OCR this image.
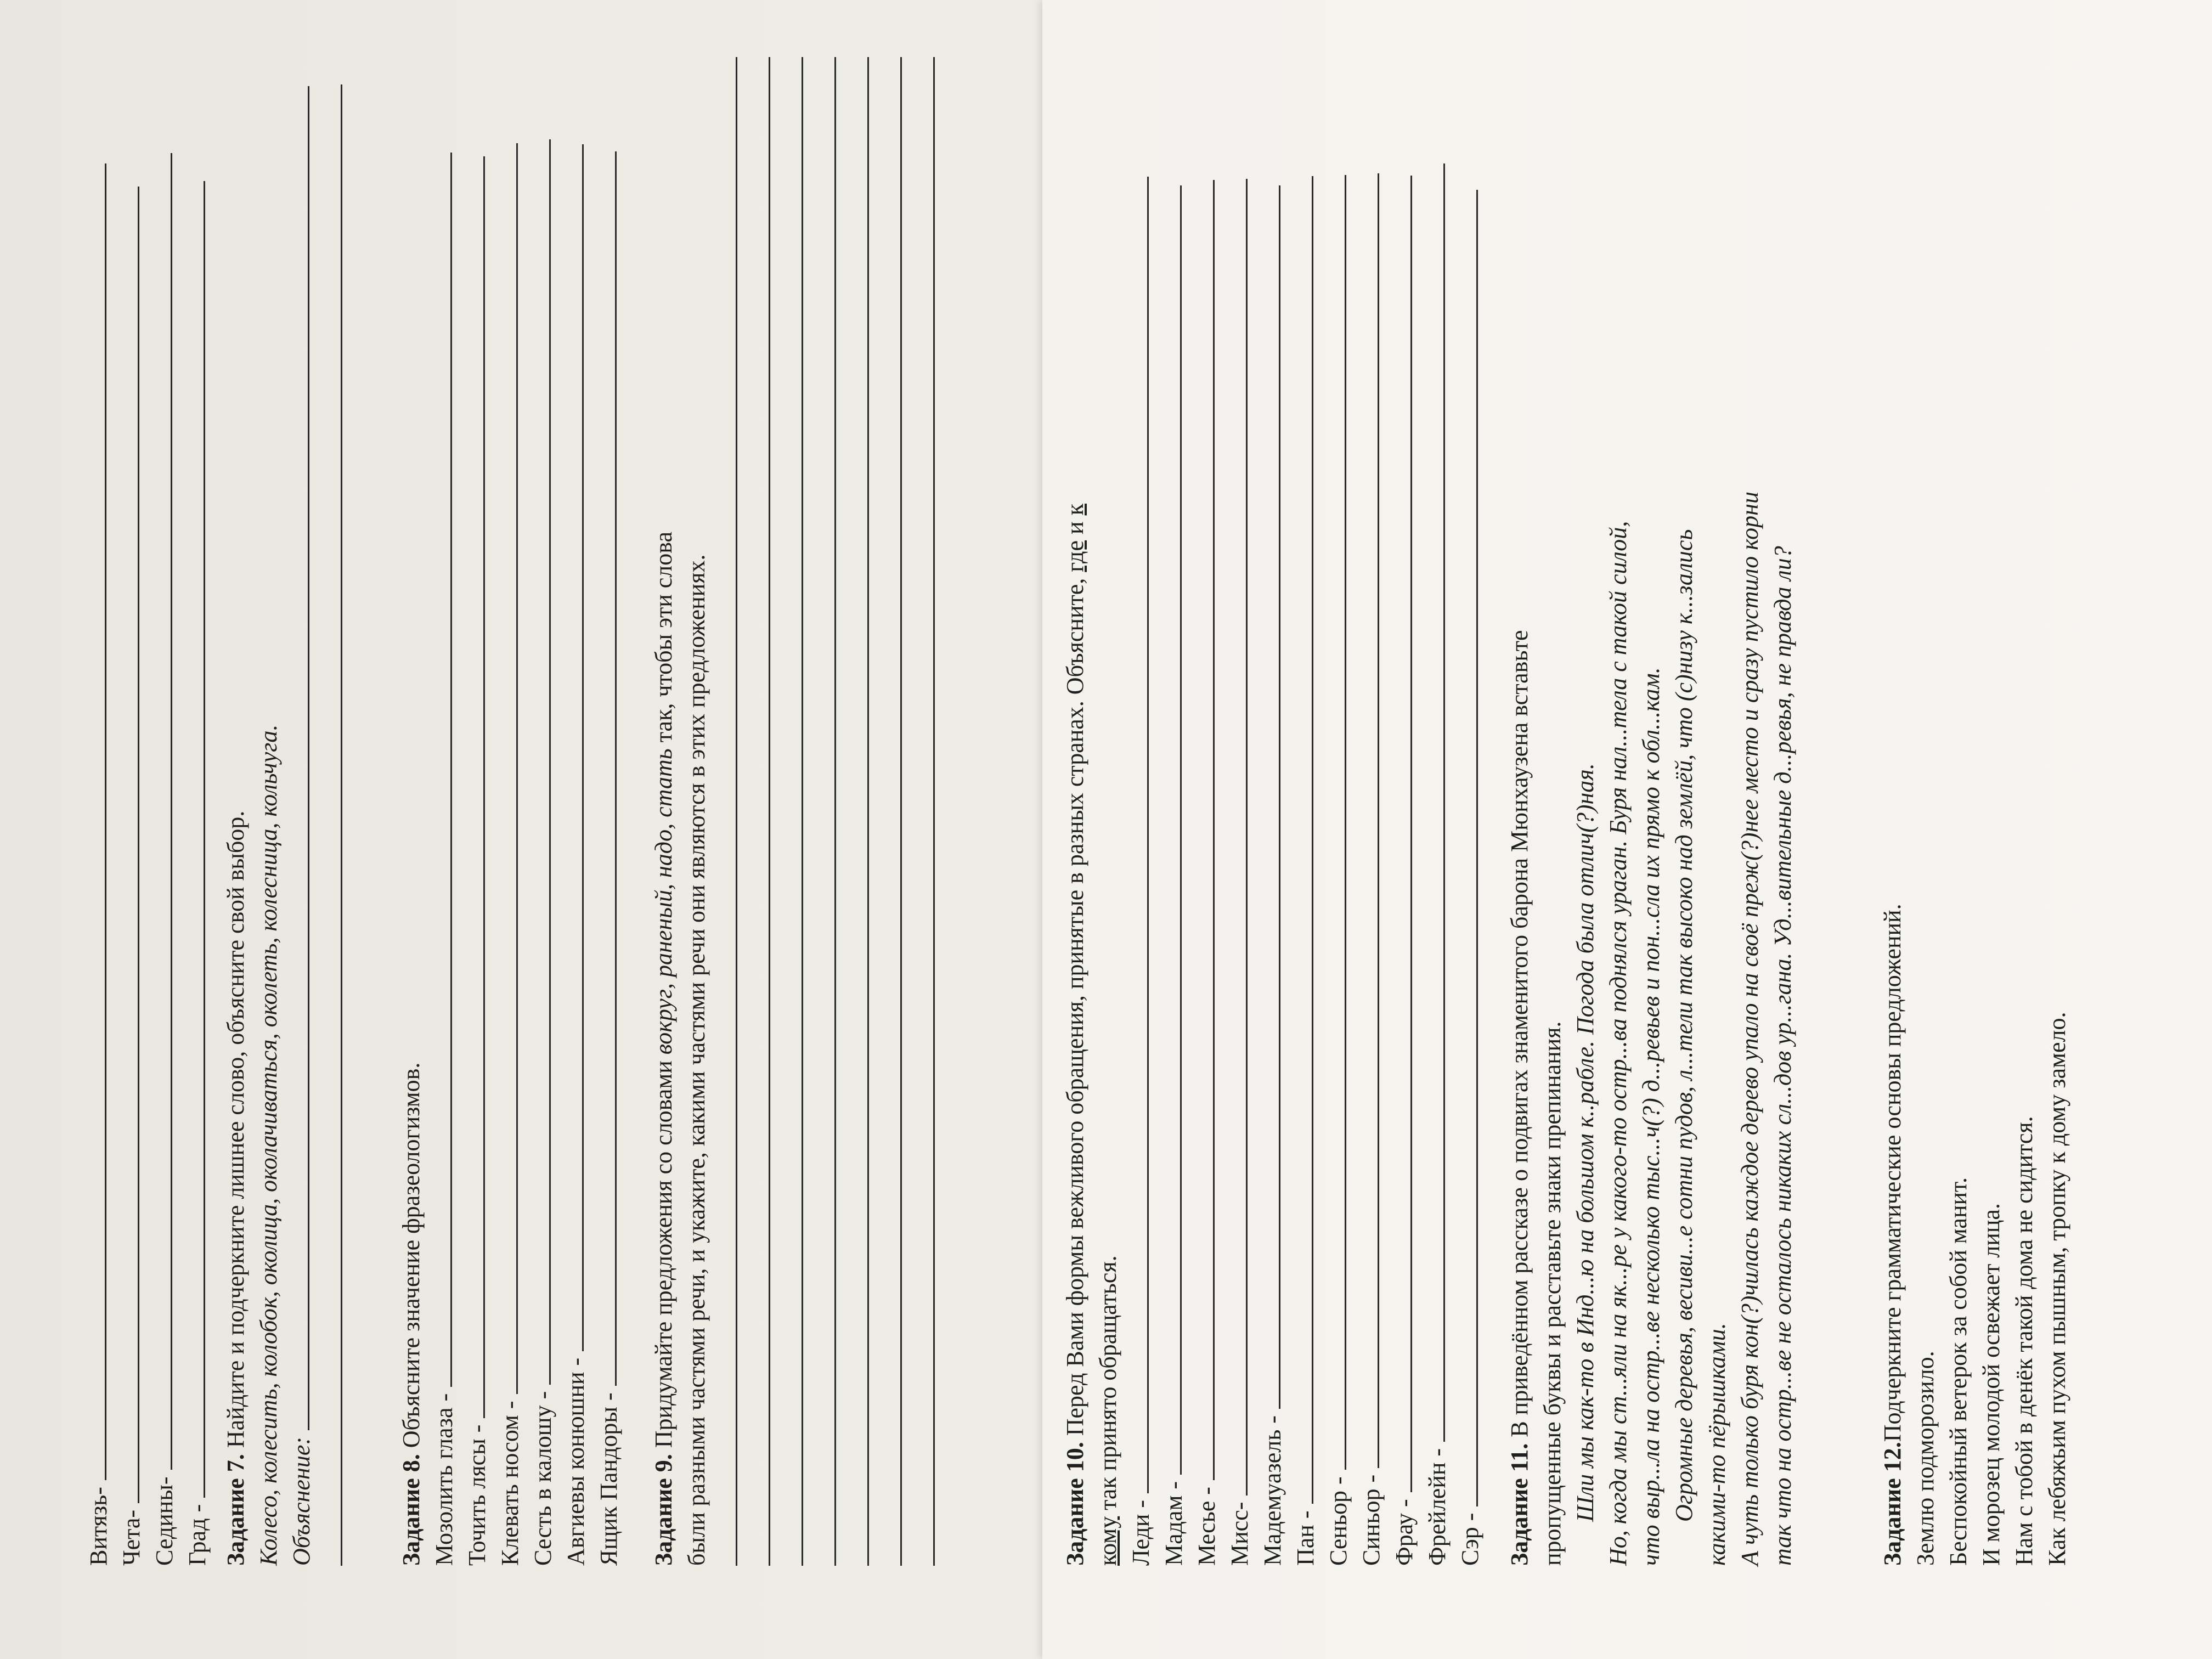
Витязь- Чета- Седины- Град - Задание 7. Найдите и подчеркните лишнее слово, объясните свой выбор. Колесо, колесить, колобок, околица, околачиваться, околеть, колесница, кольчуга. Объяснение:	Задание 8. Объясните значение фразеологизмов.
Мозолить глаза - Точить лясы - Клевать носом - Сесть в калошу - Авгиевы конюшни - Ящик Пандоры - Задание 9. Придумайте предложения со словами вокруг, раненый, надо, стать так, чтобы эти слова были разными частями речи, и укажите, какими частями речи они являются в этих предложениях.	Задание 10. Перед Вами формы вежливого обращения, принятые в разных странах. Объясните, где и к
кому так принято обращаться.
Леди - Мадам - Месье - Мисс- Мадемуазель - Пан - Сеньор - Синьор - Фрау - Фрейлейн - Сэр - Задание 11. В приведённом рассказе о подвигах знаменитого барона Мюнхаузена вставьте пропущенные буквы и расставьте знаки препинания. Шли мы как-то в Инд...ю на большом к..рабле. Погода была отлич(?)ная. Но, когда мы ст...яли на як...ре у какого-то остр...ва поднялся ураган. Буря нал...тела с такой силой, что выр...ла на остр...ве несколько тыс...ч(?) д...ревьев и пон...сла их прямо к обл...кам. Огромные деревья, весиви...е сотни пудов, л...тели так высоко над землёй, что (с)низу к...зались какими-то пёрышками. А чуть только буря кон(?)чилась каждое дерево упало на своё преж(?)нее место и сразу пустило корни так что на остр...ве не осталось никаких сл...дов ур...гана. Уд...вительные д...ревья, не правда ли?	Задание 12.Подчеркните грамматические основы предложений.
Землю подморозило. Беспокойный ветерок за собой манит. И морозец молодой освежает лица. Нам с тобой в денёк такой дома не сидится. Как лебяжьим пухом пышным, тропку к дому замело.
